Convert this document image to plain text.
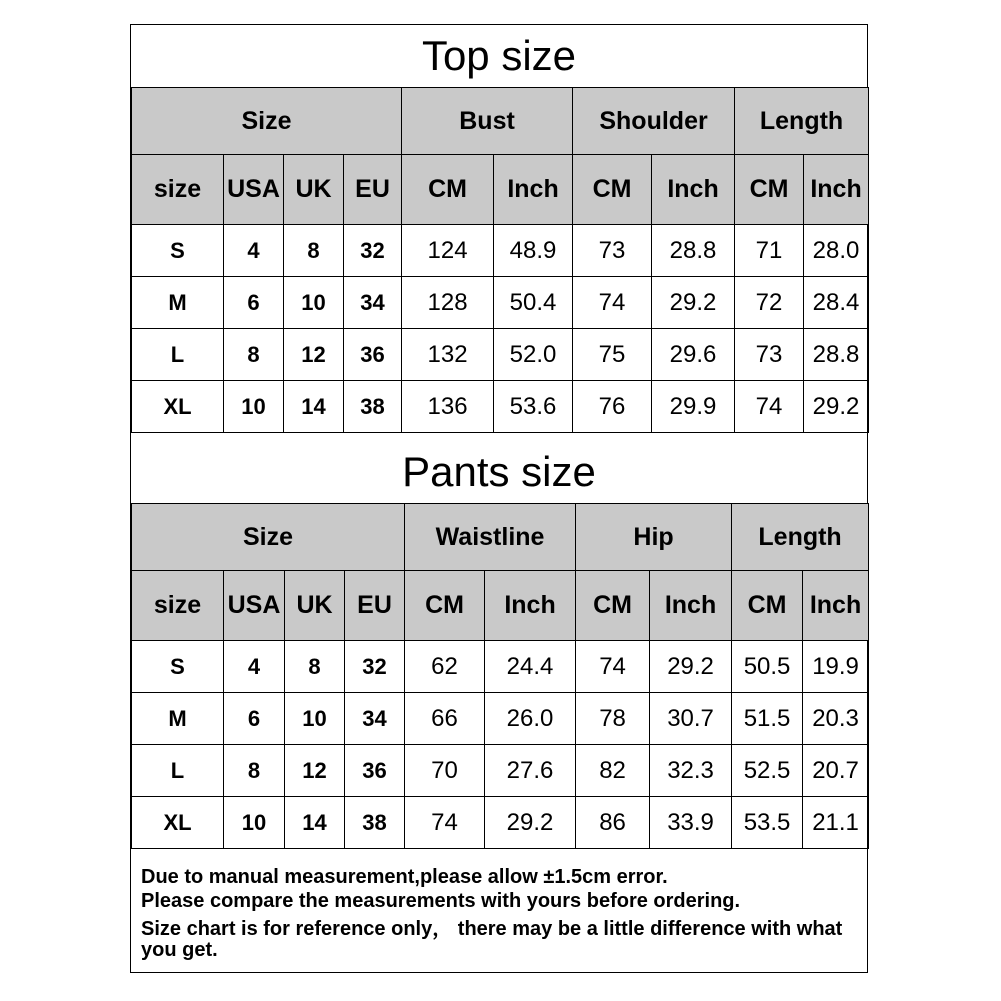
Top size
Size				Bust		Shoulder		Length	
size	USA	UK	EU	CM	Inch	CM	Inch	CM	Inch
S	4	8	32	124	48.9	73	28.8	71	28.0
M	6	10	34	128	50.4	74	29.2	72	28.4
L	8	12	36	132	52.0	75	29.6	73	28.8
XL	10	14	38	136	53.6	76	29.9	74	29.2
Pants size
Size				Waistline		Hip		Length	
size	USA	UK	EU	CM	Inch	CM	Inch	CM	Inch
S	4	8	32	62	24.4	74	29.2	50.5	19.9
M	6	10	34	66	26.0	78	30.7	51.5	20.3
L	8	12	36	70	27.6	82	32.3	52.5	20.7
XL	10	14	38	74	29.2	86	33.9	53.5	21.1
Due to manual measurement,please allow ±1.5cm error.
Please compare the measurements with yours before ordering.
Size chart is for reference only， there may be a little difference with what you get.
